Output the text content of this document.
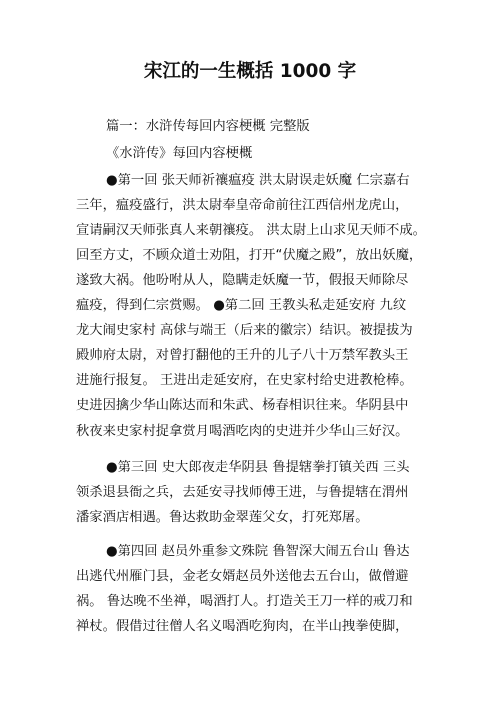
宋江的一生概括 1000 字
篇一：水浒传每回内容梗概 完整版
《水浒传》每回内容梗概
●第一回 张天师祈禳瘟疫 洪太尉误走妖魔 仁宗嘉右
三年，瘟疫盛行，洪太尉奉皇帝命前往江西信州龙虎山，
宣请嗣汉天师张真人来朝禳疫。 洪太尉上山求见天师不成。
回至方丈，不顾众道士劝阻，打开“伏魔之殿”，放出妖魔，
遂致大祸。他吩咐从人，隐瞒走妖魔一节，假报天师除尽
瘟疫，得到仁宗赏赐。 ●第二回 王教头私走延安府 九纹
龙大闹史家村 高俅与端王（后来的徽宗）结识。被提拔为
殿帅府太尉，对曾打翻他的王升的儿子八十万禁军教头王
进施行报复。 王进出走延安府，在史家村给史进教枪棒。
史进因擒少华山陈达而和朱武、杨春相识往来。华阴县中
秋夜来史家村捉拿赏月喝酒吃肉的史进并少华山三好汉。
●第三回 史大郎夜走华阴县 鲁提辖拳打镇关西 三头
领杀退县衙之兵，去延安寻找师傅王进，与鲁提辖在渭州
潘家酒店相遇。鲁达救助金翠莲父女，打死郑屠。
●第四回 赵员外重参文殊院 鲁智深大闹五台山 鲁达
出逃代州雁门县，金老女婿赵员外送他去五台山，做僧避
祸。 鲁达晚不坐禅，喝酒打人。打造关王刀一样的戒刀和
禅杖。假借过往僧人名义喝酒吃狗肉，在半山拽拳使脚，
